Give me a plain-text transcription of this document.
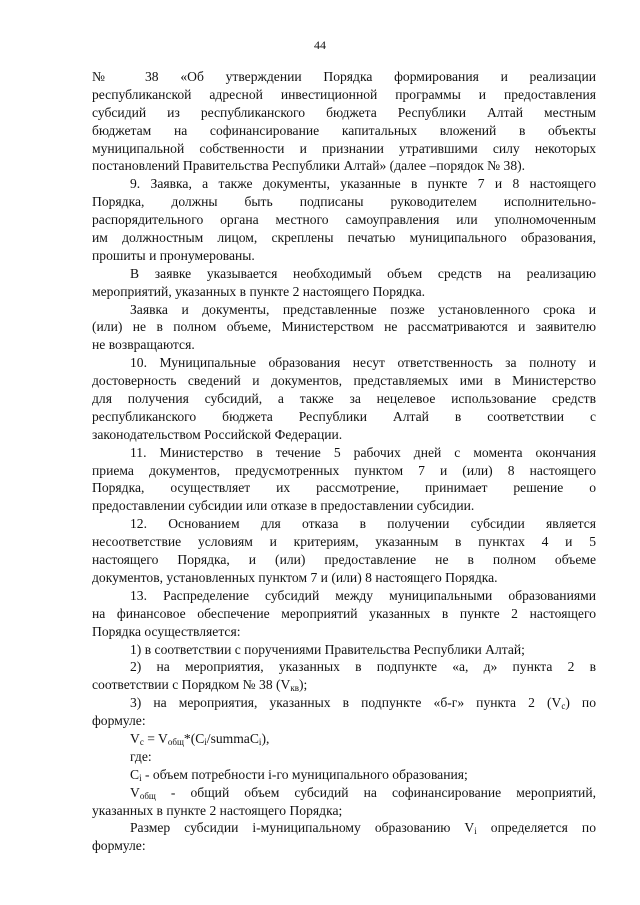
44
№ 38 «Об утверждении Порядка формирования и реализации
республиканской адресной инвестиционной программы и предоставления
субсидий из республиканского бюджета Республики Алтай местным
бюджетам на софинансирование капитальных вложений в объекты
муниципальной собственности и признании утратившими силу некоторых
постановлений Правительства Республики Алтай» (далее –порядок № 38).
9. Заявка, а также документы, указанные в пункте 7 и 8 настоящего
Порядка, должны быть подписаны руководителем исполнительно-
распорядительного органа местного самоуправления или уполномоченным
им должностным лицом, скреплены печатью муниципального образования,
прошиты и пронумерованы.
В заявке указывается необходимый объем средств на реализацию
мероприятий, указанных в пункте 2 настоящего Порядка.
Заявка и документы, представленные позже установленного срока и
(или) не в полном объеме, Министерством не рассматриваются и заявителю
не возвращаются.
10. Муниципальные образования несут ответственность за полноту и
достоверность сведений и документов, представляемых ими в Министерство
для получения субсидий, а также за нецелевое использование средств
республиканского бюджета Республики Алтай в соответствии с
законодательством Российской Федерации.
11. Министерство в течение 5 рабочих дней с момента окончания
приема документов, предусмотренных пунктом 7 и (или) 8 настоящего
Порядка, осуществляет их рассмотрение, принимает решение о
предоставлении субсидии или отказе в предоставлении субсидии.
12. Основанием для отказа в получении субсидии является
несоответствие условиям и критериям, указанным в пунктах 4 и 5
настоящего Порядка, и (или) предоставление не в полном объеме
документов, установленных пунктом 7 и (или) 8 настоящего Порядка.
13. Распределение субсидий между муниципальными образованиями
на финансовое обеспечение мероприятий указанных в пункте 2 настоящего
Порядка осуществляется:
1) в соответствии с поручениями Правительства Республики Алтай;
2) на мероприятия, указанных в подпункте «а, д» пункта 2 в
соответствии с Порядком № 38 $(V_{кв})$;
3) на мероприятия, указанных в подпункте «б-г» пункта 2 $(V_c)$ по
формуле:
$V_c$ = $V_{общ}*(C_i/summaC_i)$,
где:
$C_i$ - объем потребности i-го муниципального образования;
$V_{общ}$ - общий объем субсидий на софинансирование мероприятий,
указанных в пункте 2 настоящего Порядка;
Размер субсидии i-муниципальному образованию $V_i$ определяется по
формуле:
